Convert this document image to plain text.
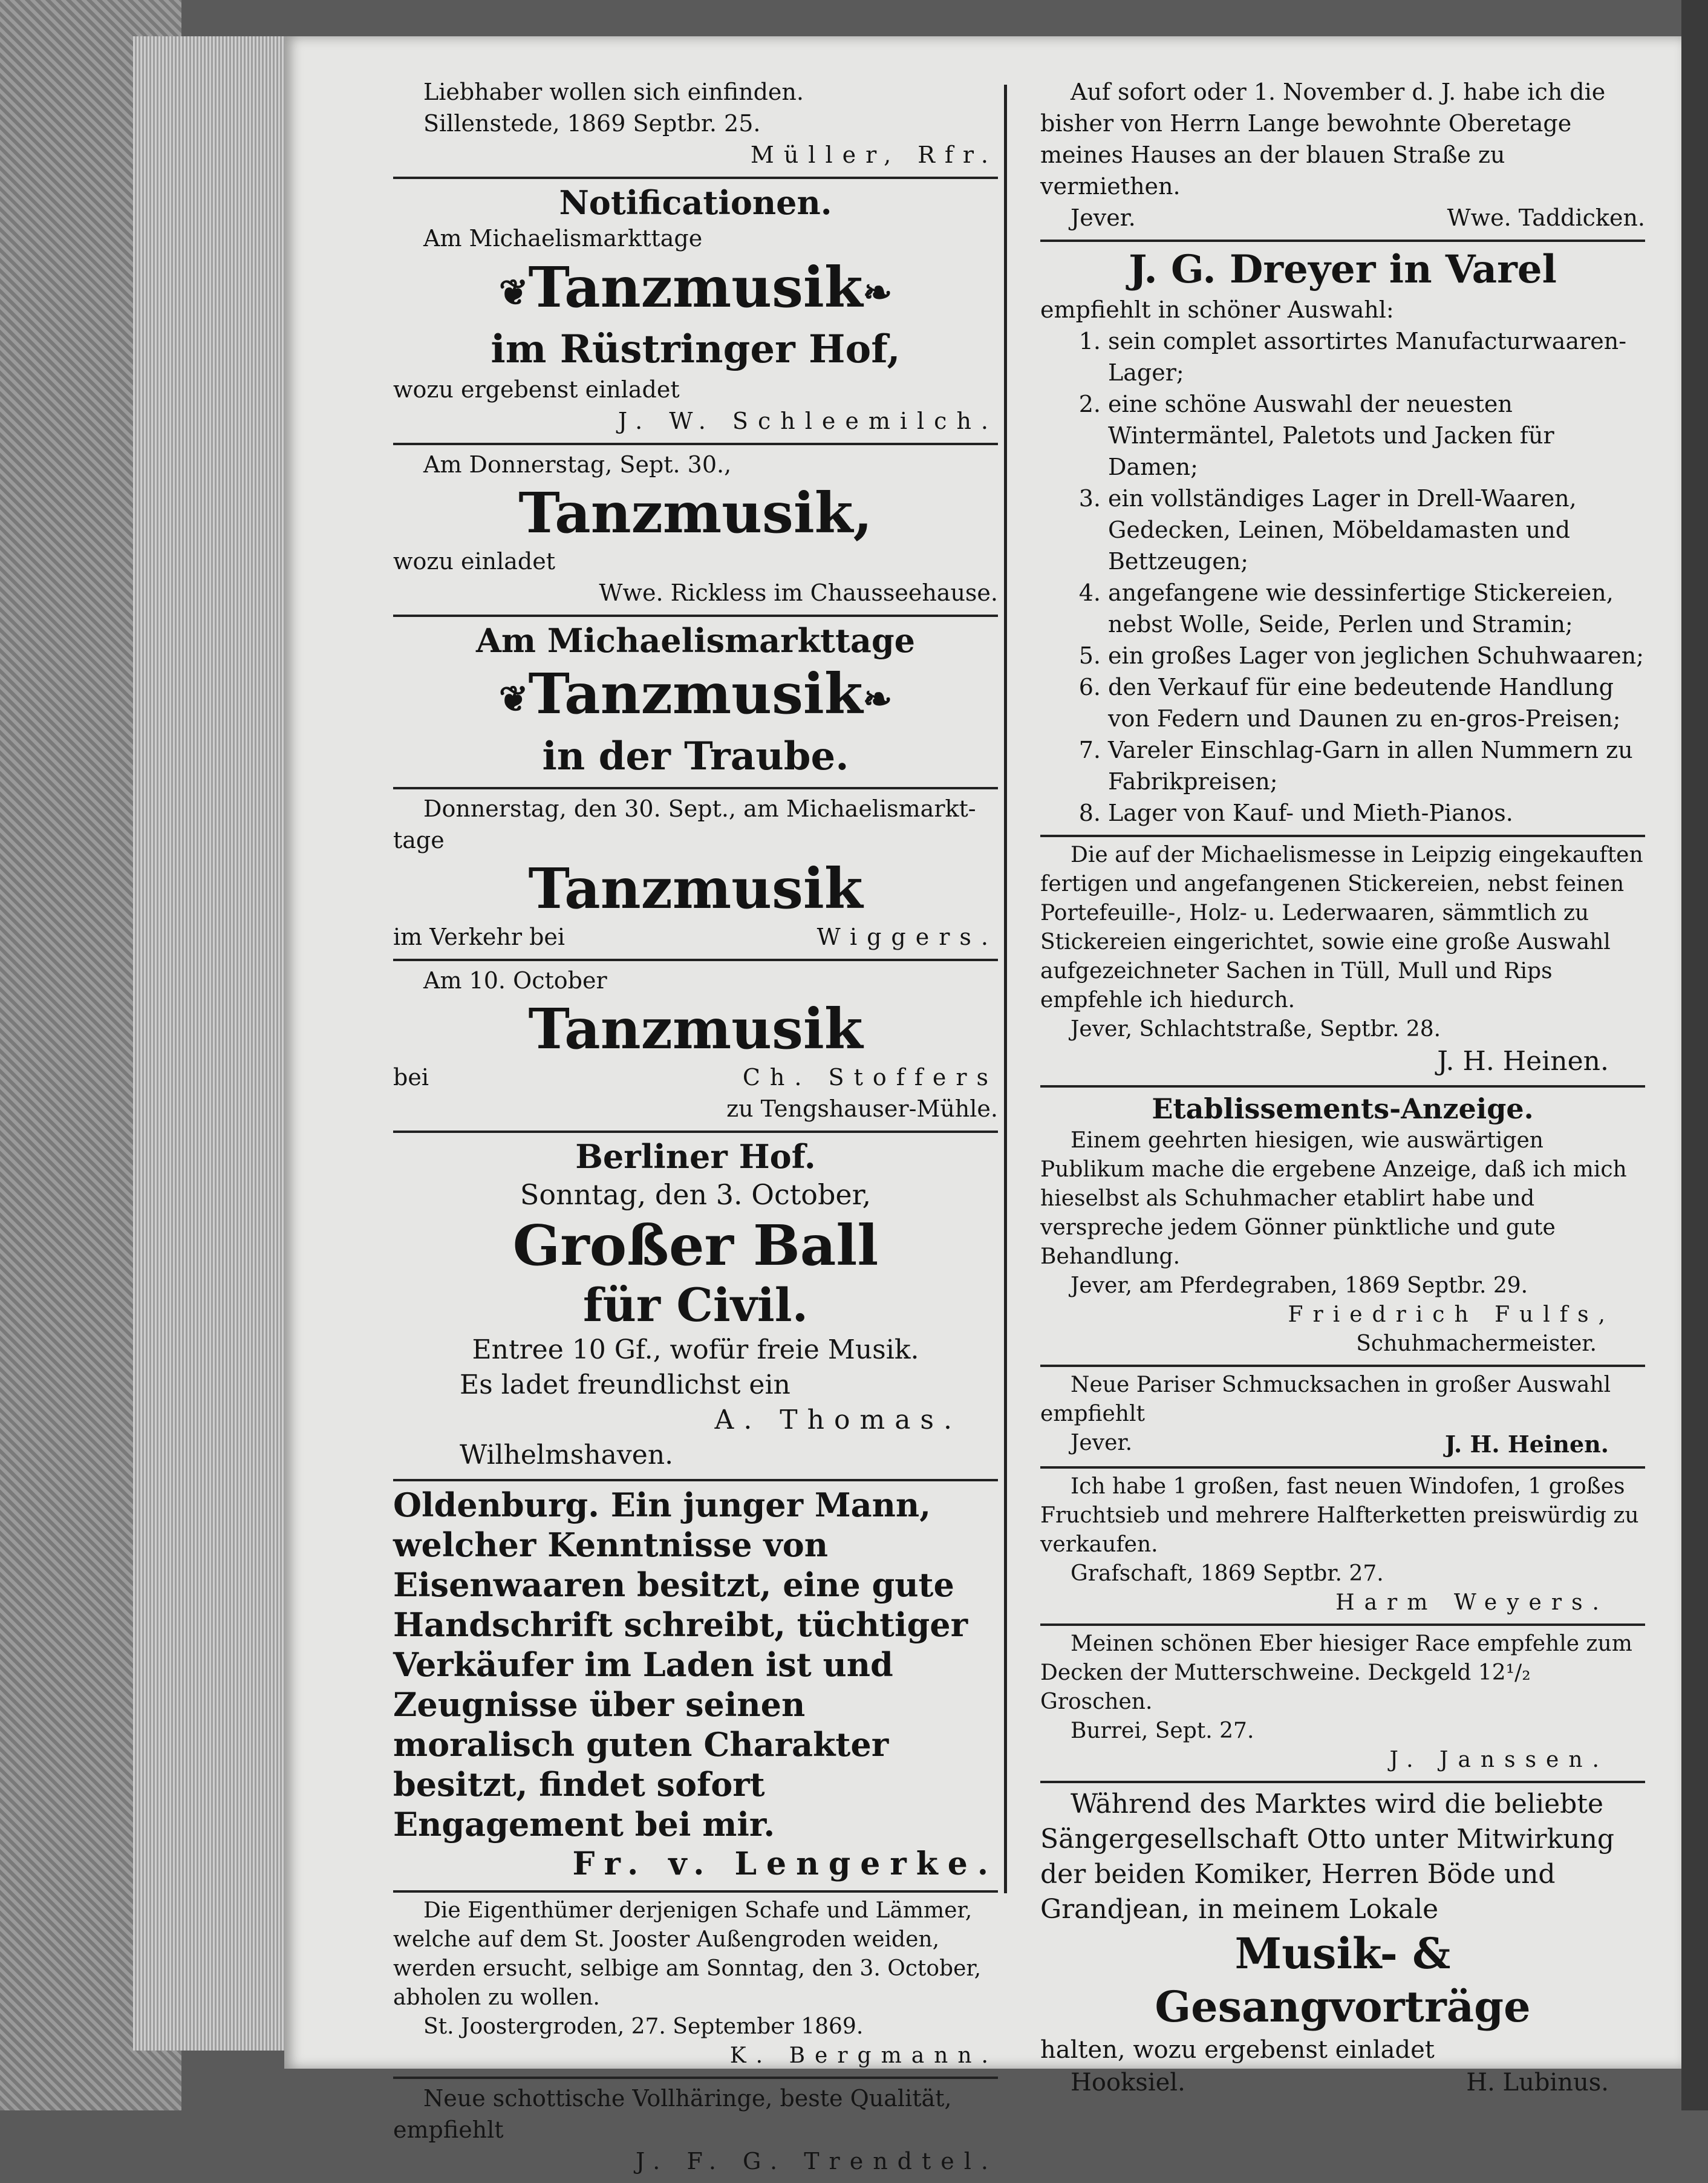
Liebhaber wollen sich einfinden.

Sillenstede, 1869 Septbr. 25.

Müller, Rfr.

Notificationen.

Am Michaelismarkttage

❦Tanzmusik❧

im Rüstringer Hof,

wozu ergebenst einladet

J. W. Schleemilch.

Am Donnerstag, Sept. 30.,

Tanzmusik,

wozu einladet

Wwe. Rickless im Chausseehause.

Am Michaelismarkttage

❦Tanzmusik❧

in der Traube.

Donnerstag, den 30. Sept., am Michaelismarkt-

tage

Tanzmusik

im Verkehr bei	Wiggers.

Am 10. October

Tanzmusik

bei	Ch. Stoffers

zu Tengshauser-Mühle.

Berliner Hof.

Sonntag, den 3. October,

Großer Ball

für Civil.

Entree 10 Gf., wofür freie Musik.

Es ladet freundlichst ein

A. Thomas.

Wilhelmshaven.

Oldenburg. Ein junger Mann, welcher Kenntnisse von Eisenwaaren besitzt, eine gute Handschrift schreibt, tüchtiger Verkäufer im Laden ist und Zeugnisse über seinen moralisch guten Charakter besitzt, findet sofort Engagement bei mir.

Fr. v. Lengerke.

Die Eigenthümer derjenigen Schafe und Lämmer, welche auf dem St. Jooster Außengroden weiden, werden ersucht, selbige am Sonntag, den 3. October, abholen zu wollen.

St. Joostergroden, 27. September 1869.

K. Bergmann.

Neue schottische Vollhäringe, beste Qualität, empfiehlt

J. F. G. Trendtel.

Auf sofort oder 1. November d. J. habe ich die bisher von Herrn Lange bewohnte Oberetage meines Hauses an der blauen Straße zu vermiethen.

Jever.	Wwe. Taddicken.

J. G. Dreyer in Varel

empfiehlt in schöner Auswahl:

1. sein complet assortirtes Manufacturwaaren-Lager;
2. eine schöne Auswahl der neuesten Wintermäntel, Paletots und Jacken für Damen;
3. ein vollständiges Lager in Drell-Waaren, Gedecken, Leinen, Möbeldamasten und Bettzeugen;
4. angefangene wie dessinfertige Stickereien, nebst Wolle, Seide, Perlen und Stramin;
5. ein großes Lager von jeglichen Schuhwaaren;
6. den Verkauf für eine bedeutende Handlung von Federn und Daunen zu en-gros-Preisen;
7. Vareler Einschlag-Garn in allen Nummern zu Fabrikpreisen;
8. Lager von Kauf- und Mieth-Pianos.

Die auf der Michaelismesse in Leipzig eingekauften fertigen und angefangenen Stickereien, nebst feinen Portefeuille-, Holz- u. Lederwaaren, sämmtlich zu Stickereien eingerichtet, sowie eine große Auswahl aufgezeichneter Sachen in Tüll, Mull und Rips empfehle ich hiedurch.

Jever, Schlachtstraße, Septbr. 28.

J. H. Heinen.

Etablissements-Anzeige.

Einem geehrten hiesigen, wie auswärtigen Publikum mache die ergebene Anzeige, daß ich mich hieselbst als Schuhmacher etablirt habe und verspreche jedem Gönner pünktliche und gute Behandlung.

Jever, am Pferdegraben, 1869 Septbr. 29.

Friedrich Fulfs,

Schuhmachermeister.

Neue Pariser Schmucksachen in großer Auswahl empfiehlt

Jever.	J. H. Heinen.

Ich habe 1 großen, fast neuen Windofen, 1 großes Fruchtsieb und mehrere Halfterketten preiswürdig zu verkaufen.

Grafschaft, 1869 Septbr. 27.

Harm Weyers.

Meinen schönen Eber hiesiger Race empfehle zum Decken der Mutterschweine. Deckgeld 12¹/₂ Groschen.

Burrei, Sept. 27.

J. Janssen.

Während des Marktes wird die beliebte Sängergesellschaft Otto unter Mitwirkung der beiden Komiker, Herren Böde und Grandjean, in meinem Lokale

Musik- & Gesangvorträge

halten, wozu ergebenst einladet

Hooksiel.	H. Lubinus.
